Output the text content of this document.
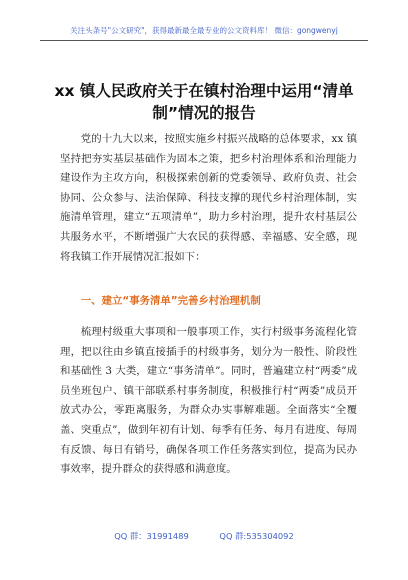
关注头条号"公文研究"，获得最新最全最专业的公文资料库！ 微信：gongwenyj
xx 镇人民政府关于在镇村治理中运用“清单制”情况的报告

党的十九大以来，按照实施乡村振兴战略的总体要求，xx 镇坚持把夯实基层基础作为固本之策，把乡村治理体系和治理能力建设作为主攻方向，积极探索创新的党委领导、政府负责、社会协同、公众参与、法治保障、科技支撑的现代乡村治理体制，实施清单管理，建立“五项清单”，助力乡村治理，提升农村基层公共服务水平，不断增强广大农民的获得感、幸福感、安全感，现将我镇工作开展情况汇报如下：

一、建立“事务清单”完善乡村治理机制

梳理村级重大事项和一般事项工作，实行村级事务流程化管理，把以往由乡镇直接插手的村级事务，划分为一般性、阶段性和基础性 3 大类，建立“事务清单”。同时，普遍建立村“两委”成员坐班包户、镇干部联系村事务制度，积极推行村“两委”成员开放式办公，零距离服务，为群众办实事解难题。全面落实“全覆盖、突重点”，做到年初有计划、每季有任务、每月有进度、每周有反馈、每日有销号，确保各项工作任务落实到位，提高为民办事效率，提升群众的获得感和满意度。

QQ 群：31991489	QQ 群:535304092
